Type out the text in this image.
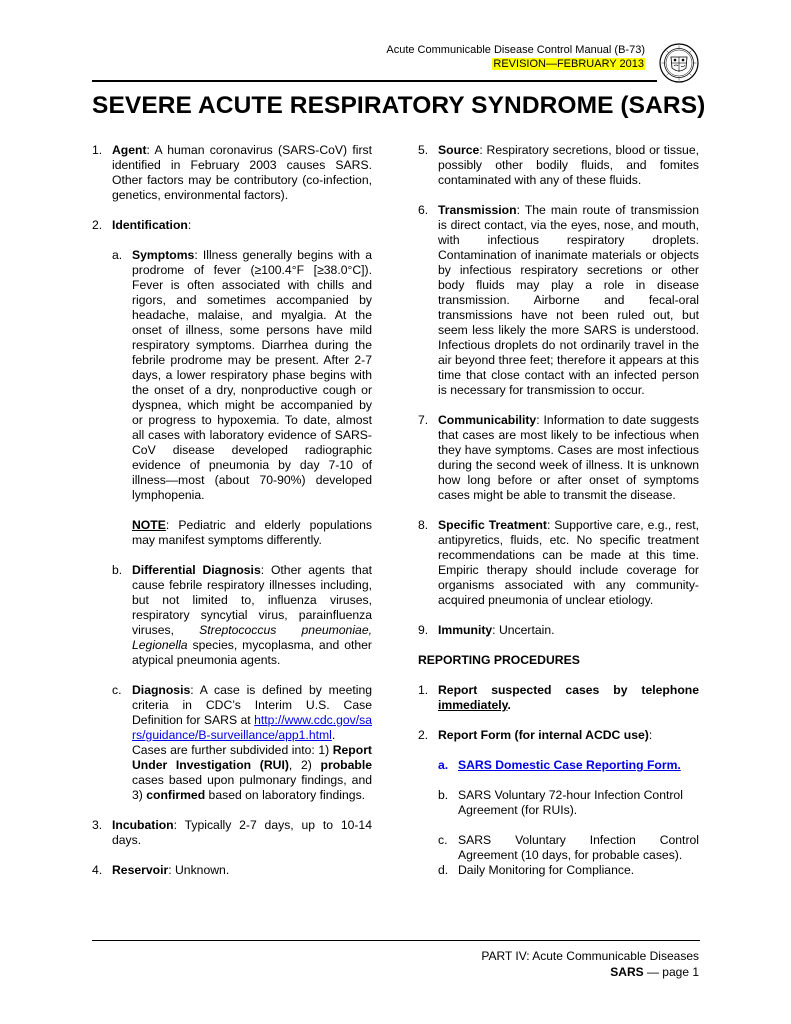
Acute Communicable Disease Control Manual (B-73)
REVISION—FEBRUARY 2013
SEVERE ACUTE RESPIRATORY SYNDROME (SARS)
1. Agent: A human coronavirus (SARS-CoV) first identified in February 2003 causes SARS. Other factors may be contributory (co-infection, genetics, environmental factors).
2. Identification:
a. Symptoms: Illness generally begins with a prodrome of fever (≥100.4°F [≥38.0°C]). Fever is often associated with chills and rigors, and sometimes accompanied by headache, malaise, and myalgia. At the onset of illness, some persons have mild respiratory symptoms. Diarrhea during the febrile prodrome may be present. After 2-7 days, a lower respiratory phase begins with the onset of a dry, nonproductive cough or dyspnea, which might be accompanied by or progress to hypoxemia. To date, almost all cases with laboratory evidence of SARS-CoV disease developed radiographic evidence of pneumonia by day 7-10 of illness—most (about 70-90%) developed lymphopenia.
NOTE: Pediatric and elderly populations may manifest symptoms differently.
b. Differential Diagnosis: Other agents that cause febrile respiratory illnesses including, but not limited to, influenza viruses, respiratory syncytial virus, parainfluenza viruses, Streptococcus pneumoniae, Legionella species, mycoplasma, and other atypical pneumonia agents.
c. Diagnosis: A case is defined by meeting criteria in CDC’s Interim U.S. Case Definition for SARS at http://www.cdc.gov/sars/guidance/B-surveillance/app1.html. Cases are further subdivided into: 1) Report Under Investigation (RUI), 2) probable cases based upon pulmonary findings, and 3) confirmed based on laboratory findings.
3. Incubation: Typically 2-7 days, up to 10-14 days.
4. Reservoir: Unknown.
5. Source: Respiratory secretions, blood or tissue, possibly other bodily fluids, and fomites contaminated with any of these fluids.
6. Transmission: The main route of transmission is direct contact, via the eyes, nose, and mouth, with infectious respiratory droplets. Contamination of inanimate materials or objects by infectious respiratory secretions or other body fluids may play a role in disease transmission. Airborne and fecal-oral transmissions have not been ruled out, but seem less likely the more SARS is understood. Infectious droplets do not ordinarily travel in the air beyond three feet; therefore it appears at this time that close contact with an infected person is necessary for transmission to occur.
7. Communicability: Information to date suggests that cases are most likely to be infectious when they have symptoms. Cases are most infectious during the second week of illness. It is unknown how long before or after onset of symptoms cases might be able to transmit the disease.
8. Specific Treatment: Supportive care, e.g., rest, antipyretics, fluids, etc. No specific treatment recommendations can be made at this time. Empiric therapy should include coverage for organisms associated with any community-acquired pneumonia of unclear etiology.
9. Immunity: Uncertain.
REPORTING PROCEDURES
1. Report suspected cases by telephone immediately.
2. Report Form (for internal ACDC use):
a. SARS Domestic Case Reporting Form.
b. SARS Voluntary 72-hour Infection Control Agreement (for RUIs).
c. SARS Voluntary Infection Control Agreement (10 days, for probable cases).
d. Daily Monitoring for Compliance.
PART IV: Acute Communicable Diseases
SARS — page 1
